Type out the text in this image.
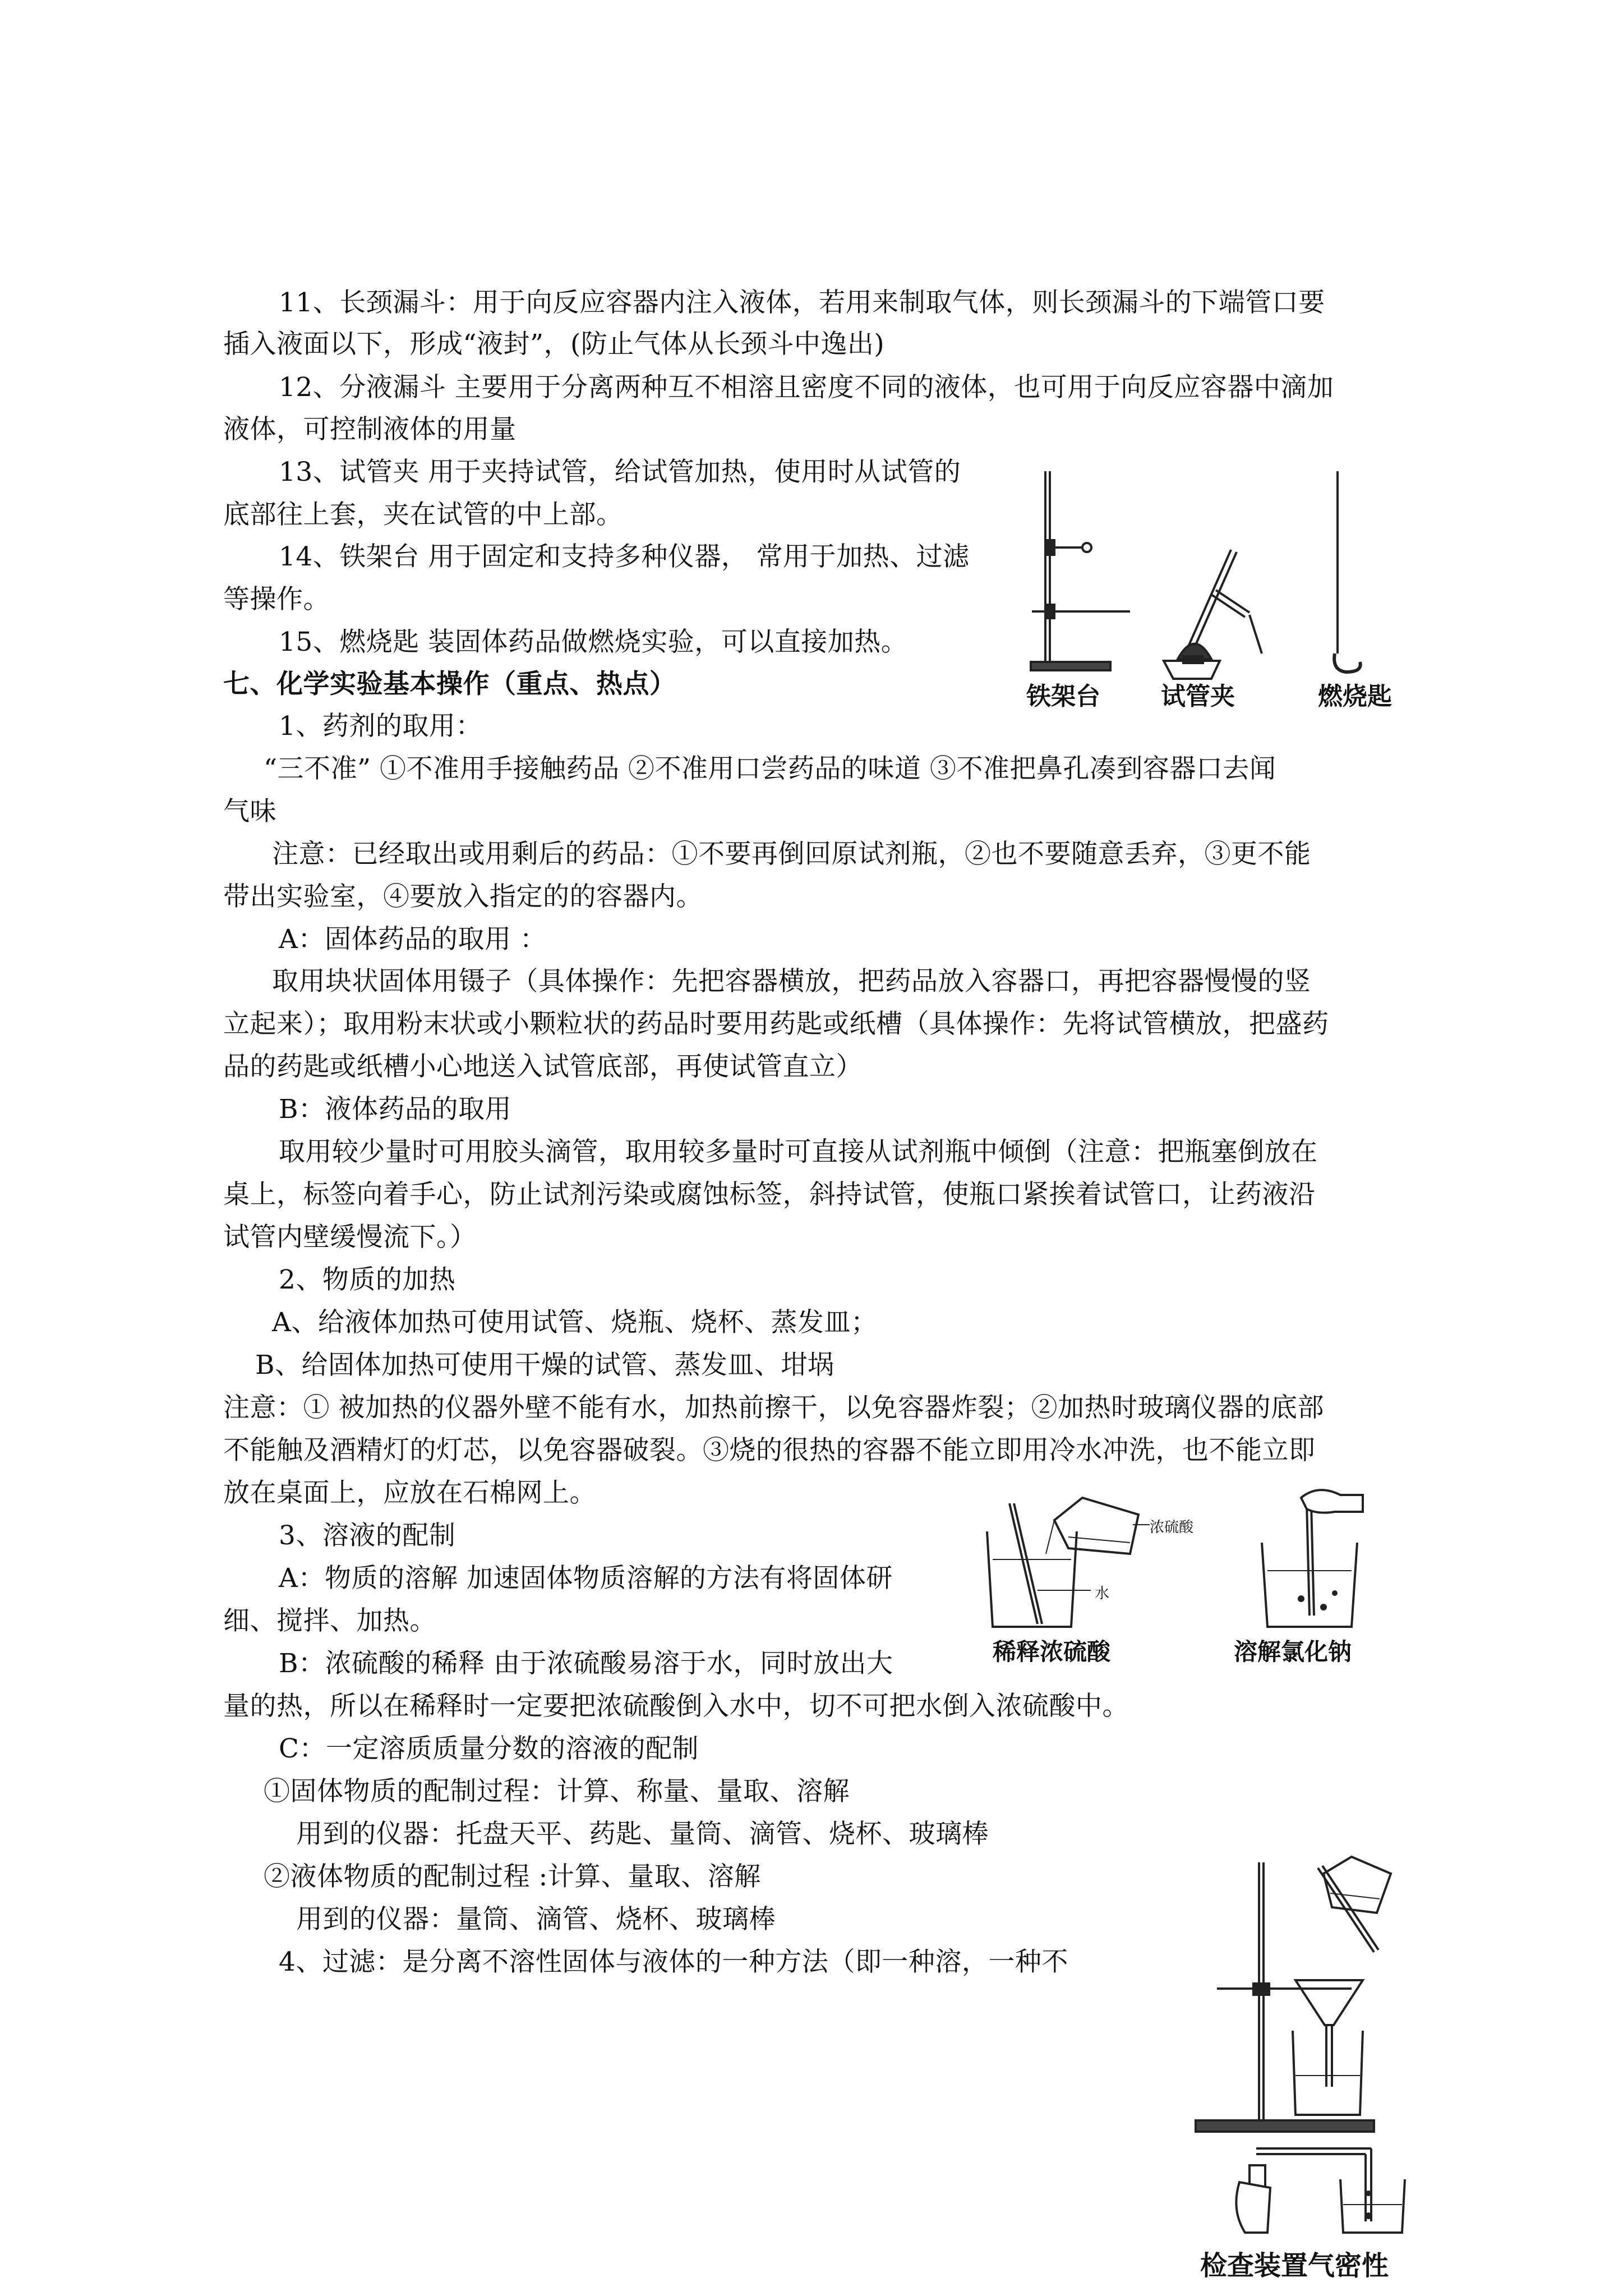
11、长颈漏斗：用于向反应容器内注入液体，若用来制取气体，则长颈漏斗的下端管口要
插入液面以下，形成“液封”，(防止气体从长颈斗中逸出)
12、分液漏斗 主要用于分离两种互不相溶且密度不同的液体，也可用于向反应容器中滴加
液体，可控制液体的用量
13、试管夹 用于夹持试管，给试管加热，使用时从试管的
底部往上套，夹在试管的中上部。
14、铁架台 用于固定和支持多种仪器， 常用于加热、过滤
等操作。
15、燃烧匙 装固体药品做燃烧实验，可以直接加热。
七、化学实验基本操作（重点、热点）
1、药剂的取用：
“三不准” ①不准用手接触药品 ②不准用口尝药品的味道 ③不准把鼻孔凑到容器口去闻
气味
注意：已经取出或用剩后的药品：①不要再倒回原试剂瓶，②也不要随意丢弃，③更不能
带出实验室，④要放入指定的的容器内。
A：固体药品的取用 ：
取用块状固体用镊子（具体操作：先把容器横放，把药品放入容器口，再把容器慢慢的竖
立起来）；取用粉末状或小颗粒状的药品时要用药匙或纸槽（具体操作：先将试管横放，把盛药
品的药匙或纸槽小心地送入试管底部，再使试管直立）
B：液体药品的取用
取用较少量时可用胶头滴管，取用较多量时可直接从试剂瓶中倾倒（注意：把瓶塞倒放在
桌上，标签向着手心，防止试剂污染或腐蚀标签，斜持试管，使瓶口紧挨着试管口，让药液沿
试管内壁缓慢流下。）
2、物质的加热
A、给液体加热可使用试管、烧瓶、烧杯、蒸发皿；
B、给固体加热可使用干燥的试管、蒸发皿、坩埚
注意：① 被加热的仪器外壁不能有水，加热前擦干，以免容器炸裂；②加热时玻璃仪器的底部
不能触及酒精灯的灯芯，以免容器破裂。③烧的很热的容器不能立即用冷水冲洗，也不能立即
放在桌面上，应放在石棉网上。
3、溶液的配制
A：物质的溶解 加速固体物质溶解的方法有将固体研
细、搅拌、加热。
B：浓硫酸的稀释 由于浓硫酸易溶于水，同时放出大
量的热，所以在稀释时一定要把浓硫酸倒入水中，切不可把水倒入浓硫酸中。
C：一定溶质质量分数的溶液的配制
①固体物质的配制过程：计算、称量、量取、溶解
用到的仪器：托盘天平、药匙、量筒、滴管、烧杯、玻璃棒
②液体物质的配制过程 :计算、量取、溶解
用到的仪器：量筒、滴管、烧杯、玻璃棒
4、过滤：是分离不溶性固体与液体的一种方法（即一种溶，一种不
铁架台 试管夹	燃烧匙
浓硫酸
水
稀释浓硫酸	溶解氯化钠
检查装置气密性
